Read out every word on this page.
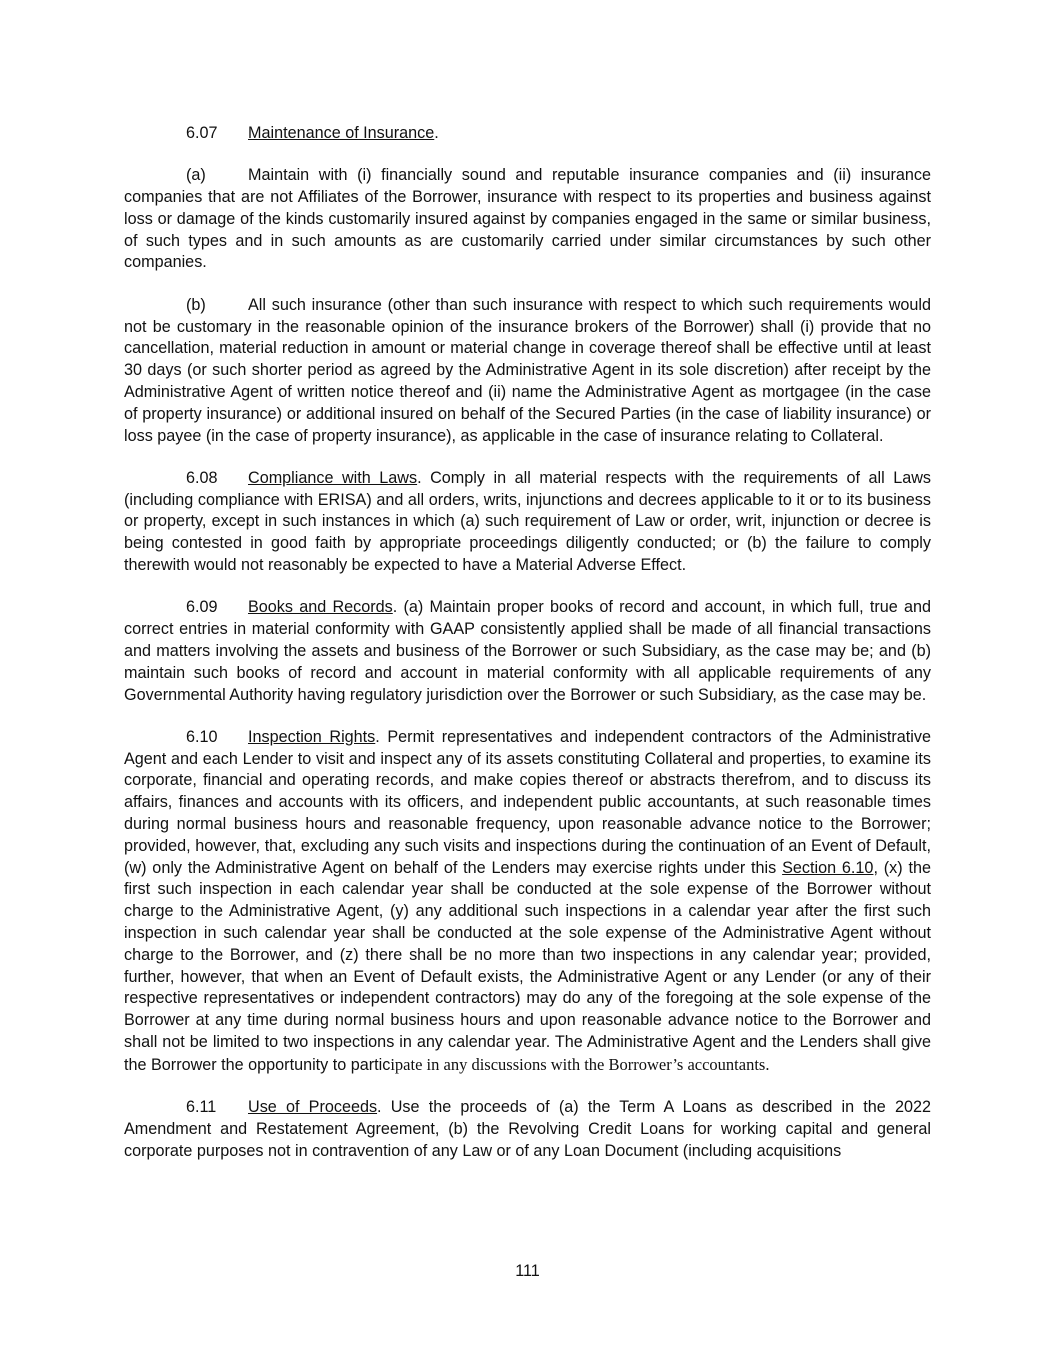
6.07 Maintenance of Insurance.

(a)	Maintain with (i) financially sound and reputable insurance companies and (ii) insurance companies that are not Affiliates of the Borrower, insurance with respect to its properties and business against loss or damage of the kinds customarily insured against by companies engaged in the same or similar business, of such types and in such amounts as are customarily carried under similar circumstances by such other companies.

(b)	All such insurance (other than such insurance with respect to which such requirements would not be customary in the reasonable opinion of the insurance brokers of the Borrower) shall (i) provide that no cancellation, material reduction in amount or material change in coverage thereof shall be effective until at least 30 days (or such shorter period as agreed by the Administrative Agent in its sole discretion) after receipt by the Administrative Agent of written notice thereof and (ii) name the Administrative Agent as mortgagee (in the case of property insurance) or additional insured on behalf of the Secured Parties (in the case of liability insurance) or loss payee (in the case of property insurance), as applicable in the case of insurance relating to Collateral.

6.08 Compliance with Laws. Comply in all material respects with the requirements of all Laws (including compliance with ERISA) and all orders, writs, injunctions and decrees applicable to it or to its business or property, except in such instances in which (a) such requirement of Law or order, writ, injunction or decree is being contested in good faith by appropriate proceedings diligently conducted; or (b) the failure to comply therewith would not reasonably be expected to have a Material Adverse Effect.

6.09 Books and Records. (a) Maintain proper books of record and account, in which full, true and correct entries in material conformity with GAAP consistently applied shall be made of all financial transactions and matters involving the assets and business of the Borrower or such Subsidiary, as the case may be; and (b) maintain such books of record and account in material conformity with all applicable requirements of any Governmental Authority having regulatory jurisdiction over the Borrower or such Subsidiary, as the case may be.

6.10 Inspection Rights. Permit representatives and independent contractors of the Administrative Agent and each Lender to visit and inspect any of its assets constituting Collateral and properties, to examine its corporate, financial and operating records, and make copies thereof or abstracts therefrom, and to discuss its affairs, finances and accounts with its officers, and independent public accountants, at such reasonable times during normal business hours and reasonable frequency, upon reasonable advance notice to the Borrower; provided, however, that, excluding any such visits and inspections during the continuation of an Event of Default, (w) only the Administrative Agent on behalf of the Lenders may exercise rights under this Section 6.10, (x) the first such inspection in each calendar year shall be conducted at the sole expense of the Borrower without charge to the Administrative Agent, (y) any additional such inspections in a calendar year after the first such inspection in such calendar year shall be conducted at the sole expense of the Administrative Agent without charge to the Borrower, and (z) there shall be no more than two inspections in any calendar year; provided, further, however, that when an Event of Default exists, the Administrative Agent or any Lender (or any of their respective representatives or independent contractors) may do any of the foregoing at the sole expense of the Borrower at any time during normal business hours and upon reasonable advance notice to the Borrower and shall not be limited to two inspections in any calendar year. The Administrative Agent and the Lenders shall give the Borrower the opportunity to participate in any discussions with the Borrower’s accountants.

6.11 Use of Proceeds. Use the proceeds of (a) the Term A Loans as described in the 2022 Amendment and Restatement Agreement, (b) the Revolving Credit Loans for working capital and general corporate purposes not in contravention of any Law or of any Loan Document (including acquisitions

111
